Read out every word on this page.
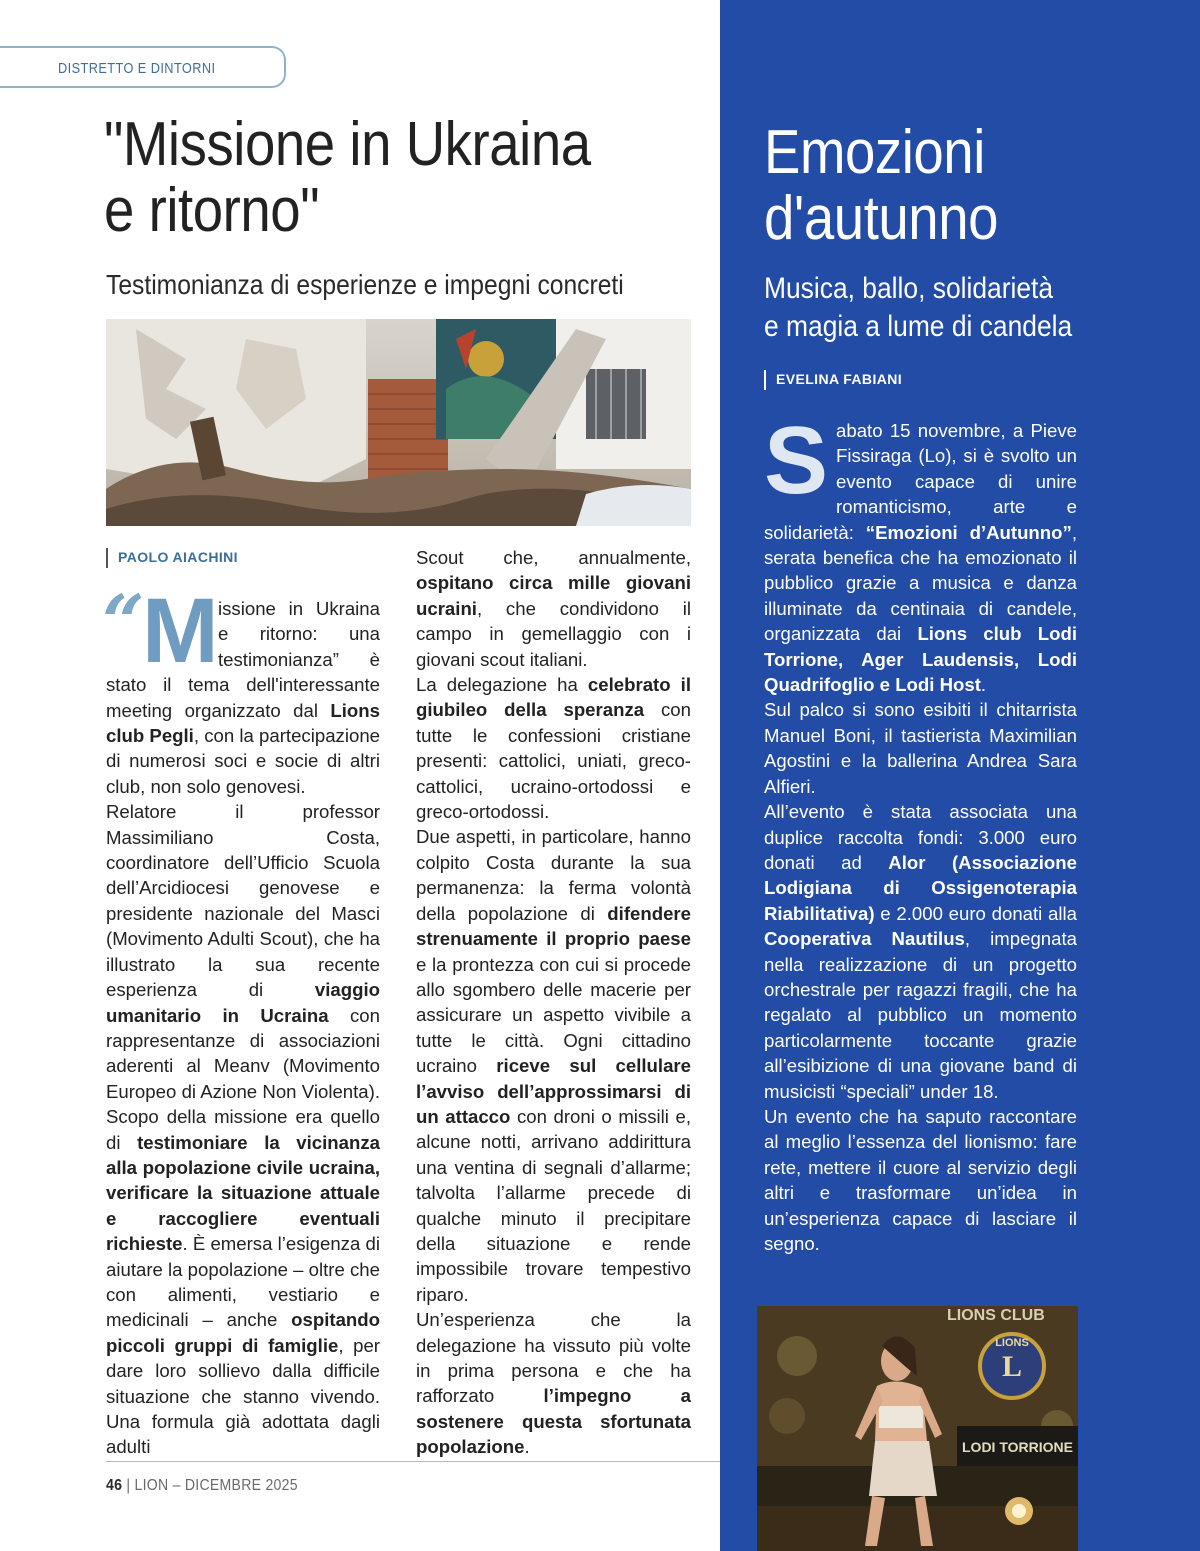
DISTRETTO E DINTORNI
"Missione in Ukraina
e ritorno"
Testimonianza di esperienze e impegni concreti
PAOLO AIACHINI
“
M issione in Ukraina e ritorno: una testimonianza” è stato il tema dell'interessante meeting organizzato dal Lions club Pegli, con la partecipazione di numerosi soci e socie di altri club, non solo genovesi.

Relatore il professor Massimiliano Costa, coordinatore dell’Ufficio Scuola dell’Arcidiocesi genovese e presidente nazionale del Masci (Movimento Adulti Scout), che ha illustrato la sua recente esperienza di viaggio umanitario in Ucraina con rappresentanze di associazioni aderenti al Meanv (Movimento Europeo di Azione Non Violenta). Scopo della missione era quello di testimoniare la vicinanza alla popolazione civile ucraina, verificare la situazione attuale e raccogliere eventuali richieste. È emersa l’esigenza di aiutare la popolazione – oltre che con alimenti, vestiario e medicinali – anche ospitando piccoli gruppi di famiglie, per dare loro sollievo dalla difficile situazione che stanno vivendo. Una formula già adottata dagli adulti

Scout che, annualmente, ospitano circa mille giovani ucraini, che condividono il campo in gemellaggio con i giovani scout italiani.

La delegazione ha celebrato il giubileo della speranza con tutte le confessioni cristiane presenti: cattolici, uniati, greco-cattolici, ucraino-ortodossi e greco-ortodossi.

Due aspetti, in particolare, hanno colpito Costa durante la sua permanenza: la ferma volontà della popolazione di difendere strenuamente il proprio paese e la prontezza con cui si procede allo sgombero delle macerie per assicurare un aspetto vivibile a tutte le città. Ogni cittadino ucraino riceve sul cellulare l’avviso dell’approssimarsi di un attacco con droni o missili e, alcune notti, arrivano addirittura una ventina di segnali d’allarme; talvolta l’allarme precede di qualche minuto il precipitare della situazione e rende impossibile trovare tempestivo riparo.

Un’esperienza che la delegazione ha vissuto più volte in prima persona e che ha rafforzato l’impegno a sostenere questa sfortunata popolazione.

46 | LION – DICEMBRE 2025
Emozioni
d'autunno
Musica, ballo, solidarietà
e magia a lume di candela
EVELINA FABIANI
S abato 15 novembre, a Pieve Fissiraga (Lo), si è svolto un evento capace di unire romanticismo, arte e solidarietà: “Emozioni d’Autunno”, serata benefica che ha emozionato il pubblico grazie a musica e danza illuminate da centinaia di candele, organizzata dai Lions club Lodi Torrione, Ager Laudensis, Lodi Quadrifoglio e Lodi Host.

Sul palco si sono esibiti il chitarrista Manuel Boni, il tastierista Maximilian Agostini e la ballerina Andrea Sara Alfieri.

All’evento è stata associata una duplice raccolta fondi: 3.000 euro donati ad Alor (Associazione Lodigiana di Ossigenoterapia Riabilitativa) e 2.000 euro donati alla Cooperativa Nautilus, impegnata nella realizzazione di un progetto orchestrale per ragazzi fragili, che ha regalato al pubblico un momento particolarmente toccante grazie all’esibizione di una giovane band di musicisti “speciali” under 18.

Un evento che ha saputo raccontare al meglio l’essenza del lionismo: fare rete, mettere il cuore al servizio degli altri e trasformare un’idea in un’esperienza capace di lasciare il segno.

LIONS
L
LIONS CLUB
LODI TORRIONE
